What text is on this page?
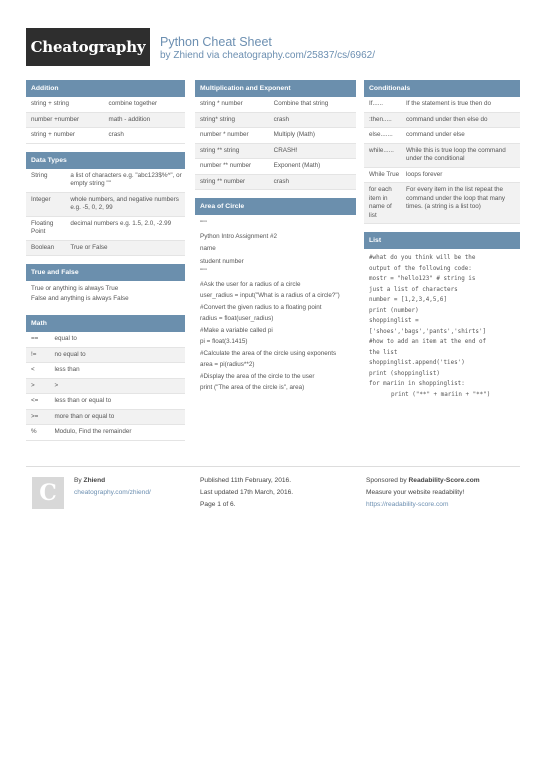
Cheatography	Python Cheat Sheet
by Zhiend via cheatography.com/25837/cs/6962/
Addition
string + string	combine together
number +number	math - addition
string + number	crash
Data Types
String	a list of characters e.g. "abc123$%^", or empty string ""
Integer	whole numbers, and negative numbers e.g. -5, 0, 2, 99
Floating Point	decimal numbers e.g. 1.5, 2.0, -2.99
Boolean	True or False
True and False
True or anything is always True
False and anything is always False
Math
==	equal to
!=	no equal to
<	less than
>	>
<=	less than or equal to
>=	more than or equal to
%	Modulo, Find the remainder
Multiplication and Exponent
string * number	Combine that string
string* string	crash
number * number	Multiply (Math)
string ** string	CRASH!
number ** number	Exponent (Math)
string ** number	crash
Area of Circle
"""
Python Intro Assignment #2
name
student number
"""
#Ask the user for a radius of a circle
user_radius = input("What is a radius of a circle?")
#Convert the given radius to a floating point
radius = float(user_radius)
#Make a variable called pi
pi = float(3.1415)
#Calculate the area of the circle using exponents
area = pi(radius**2)
#Display the area of the circle to the user
print ("The area of the circle is", area)
Conditionals
If......	If the statement is true then do
:then.....	command under then else do
else.......	command under else
while......	While this is true loop the command under the conditional
While True	loops forever
for each item in name of list	For every item in the list repeat the command under the loop that many times. (a string is a list too)
List
#what do you think will be the
output of the following code:
mostr = "hello123" # string is
just a list of characters
number = [1,2,3,4,5,6]
print (number)
shoppinglist =
['shoes','bags','pants','shirts']
#how to add an item at the end of
the list
shoppinglist.append('ties')
print (shoppinglist)
for mariin in shoppinglist:
print ("**" + mariin + "**")
C	By Zhiend
cheatography.com/zhiend/
Published 11th February, 2016.
Last updated 17th March, 2016.
Page 1 of 6.
Sponsored by Readability-Score.com
Measure your website readability!
https://readability-score.com
